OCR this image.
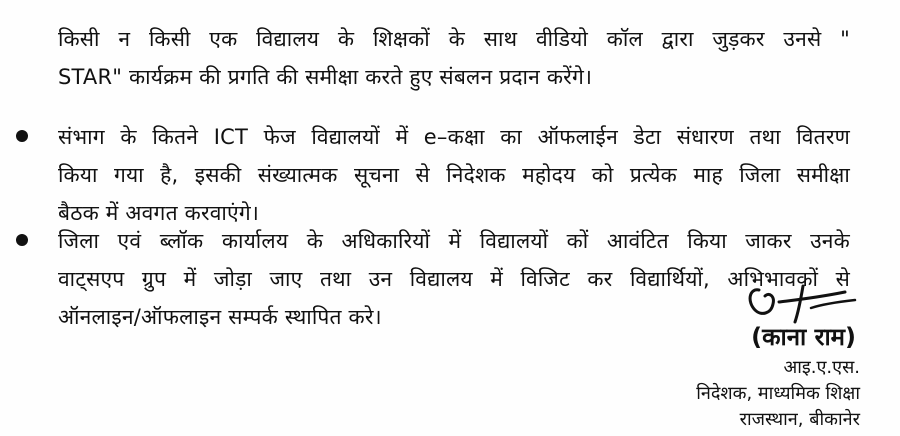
किसी न किसी एक विद्यालय के शिक्षकों के साथ वीडियो कॉल द्वारा जुड़कर उनसे "
STAR" कार्यक्रम की प्रगति की समीक्षा करते हुए संबलन प्रदान करेंगे।
संभाग के कितने ICT फेज विद्यालयों में e–कक्षा का ऑफलाईन डेटा संधारण तथा वितरण
किया गया है, इसकी संख्यात्मक सूचना से निदेशक महोदय को प्रत्येक माह जिला समीक्षा
बैठक में अवगत करवाएंगे।
जिला एवं ब्लॉक कार्यालय के अधिकारियों में विद्यालयों कों आवंटित किया जाकर उनके
वाट्सएप ग्रुप में जोड़ा जाए तथा उन विद्यालय में विजिट कर विद्यार्थियों, अभिभावकों से
ऑनलाइन/ऑफलाइन सम्पर्क स्थापित करे।
(काना राम)
आइ.ए.एस.
निदेशक, माध्यमिक शिक्षा
राजस्थान, बीकानेर
